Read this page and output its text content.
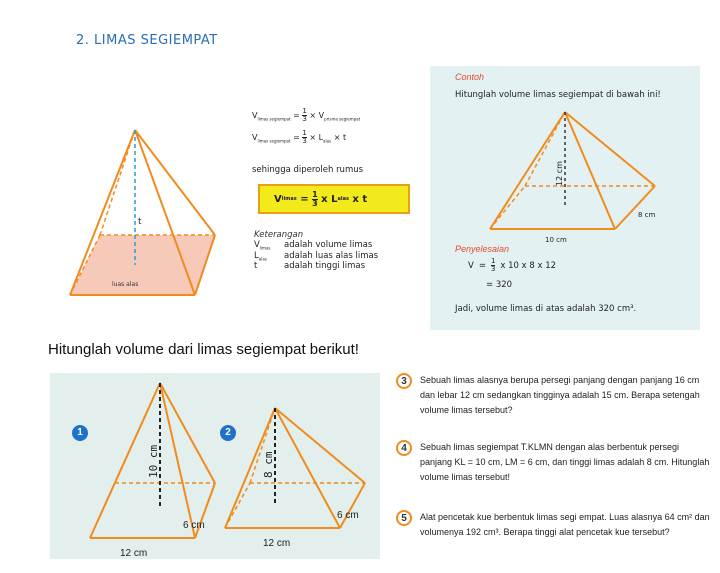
2. LIMAS SEGIEMPAT
t
luas alas
$V_{limas segiempat} = \frac{1}{3} \times V_{prisma segiempat}$
$V_{limas segiempat} = \frac{1}{3} \times L_{alas} \times t$
sehingga diperoleh rumus
V limas
=
$\frac{1}{3}$
x L alas
x t
Keterangan
$V_{limas}$	adalah volume limas
$L_{alas}$	adalah luas alas limas
t	adalah tinggi limas
Contoh
Hitunglah volume limas segiempat di bawah ini!
12 cm
8 cm
10 cm
Penyelesaian
$V = \frac{1}{3}$ x 10 x 8 x 12
= 320
Jadi, volume limas di atas adalah 320 cm³.
Hitunglah volume dari limas segiempat berikut!
1
10 cm
6 cm
12 cm
2
8 cm
6 cm
12 cm
3	Sebuah limas alasnya berupa persegi panjang dengan panjang 16 cm dan lebar 12 cm sedangkan tingginya adalah 15 cm. Berapa setengah volume limas tersebut?
4	Sebuah limas segiempat T.KLMN dengan alas berbentuk persegi panjang KL = 10 cm, LM = 6 cm, dan tinggi limas adalah 8 cm. Hitunglah volume limas tersebut!
5	Alat pencetak kue berbentuk limas segi empat. Luas alasnya 64 cm² dan volumenya 192 cm³. Berapa tinggi alat pencetak kue tersebut?
